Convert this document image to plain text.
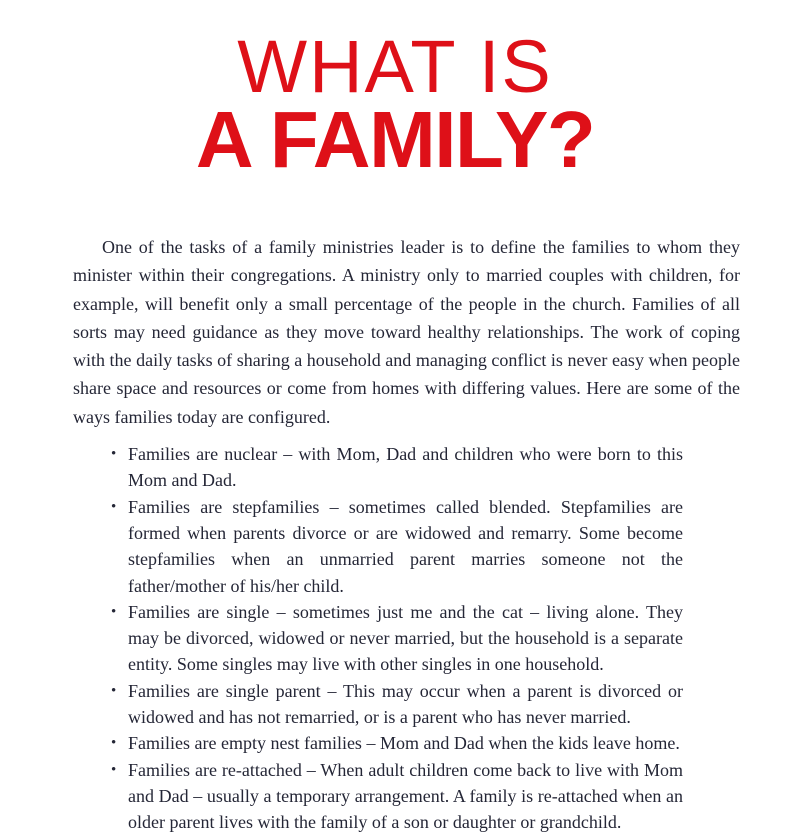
WHAT IS
A FAMILY?

One of the tasks of a family ministries leader is to define the families to whom they minister within their congregations. A ministry only to married couples with children, for example, will benefit only a small percentage of the people in the church. Families of all sorts may need guidance as they move toward healthy relationships. The work of coping with the daily tasks of sharing a household and managing conflict is never easy when people share space and resources or come from homes with differing values. Here are some of the ways families today are configured.

• Families are nuclear – with Mom, Dad and children who were born to this Mom and Dad.
• Families are stepfamilies – sometimes called blended. Stepfamilies are formed when parents divorce or are widowed and remarry. Some become stepfamilies when an unmarried parent marries someone not the father/mother of his/her child.
• Families are single – sometimes just me and the cat – living alone. They may be divorced, widowed or never married, but the household is a separate entity. Some singles may live with other singles in one household.
• Families are single parent – This may occur when a parent is divorced or widowed and has not remarried, or is a parent who has never married.
• Families are empty nest families – Mom and Dad when the kids leave home.
• Families are re-attached – When adult children come back to live with Mom and Dad – usually a temporary arrangement. A family is re-attached when an older parent lives with the family of a son or daughter or grandchild.
